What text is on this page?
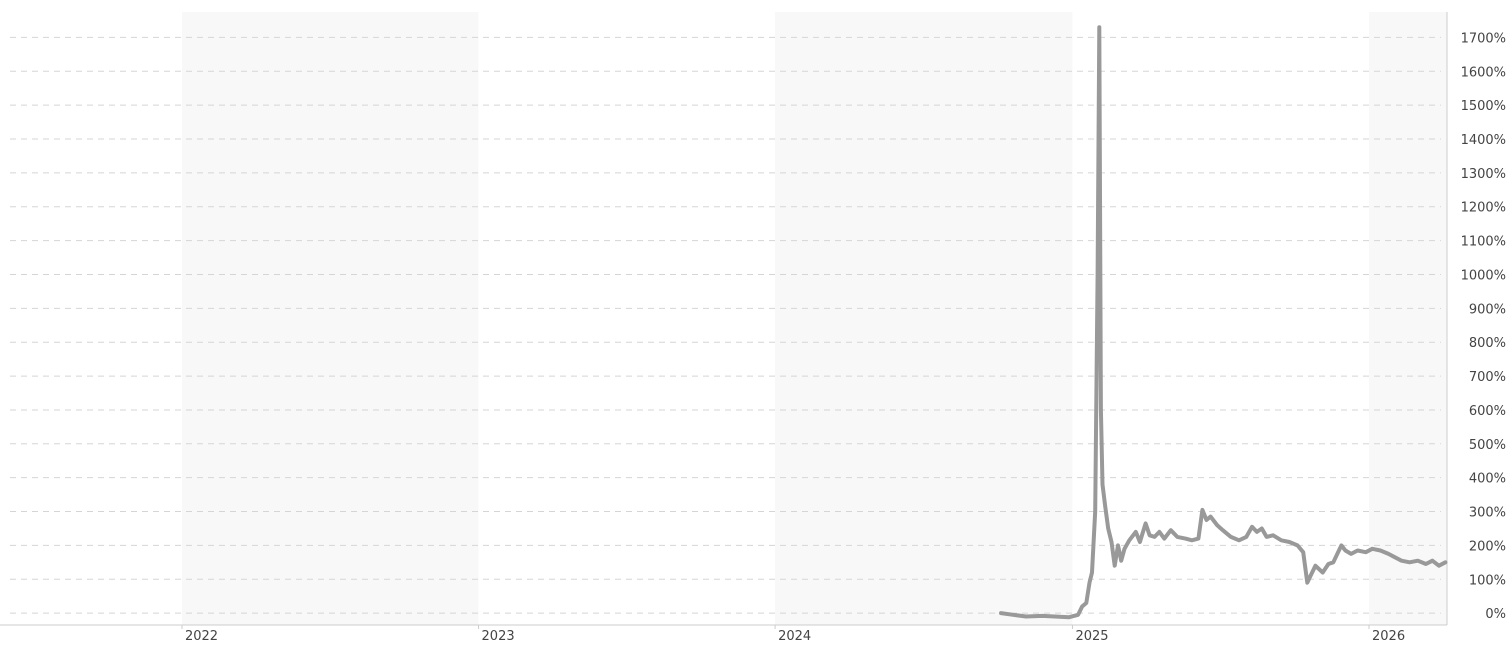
0%
100%
200%
300%
400%
500%
600%
700%
800%
900%
1000%
1100%
1200%
1300%
1400%
1500%
1600%
1700%
2022	2023	2024	2025	2026
